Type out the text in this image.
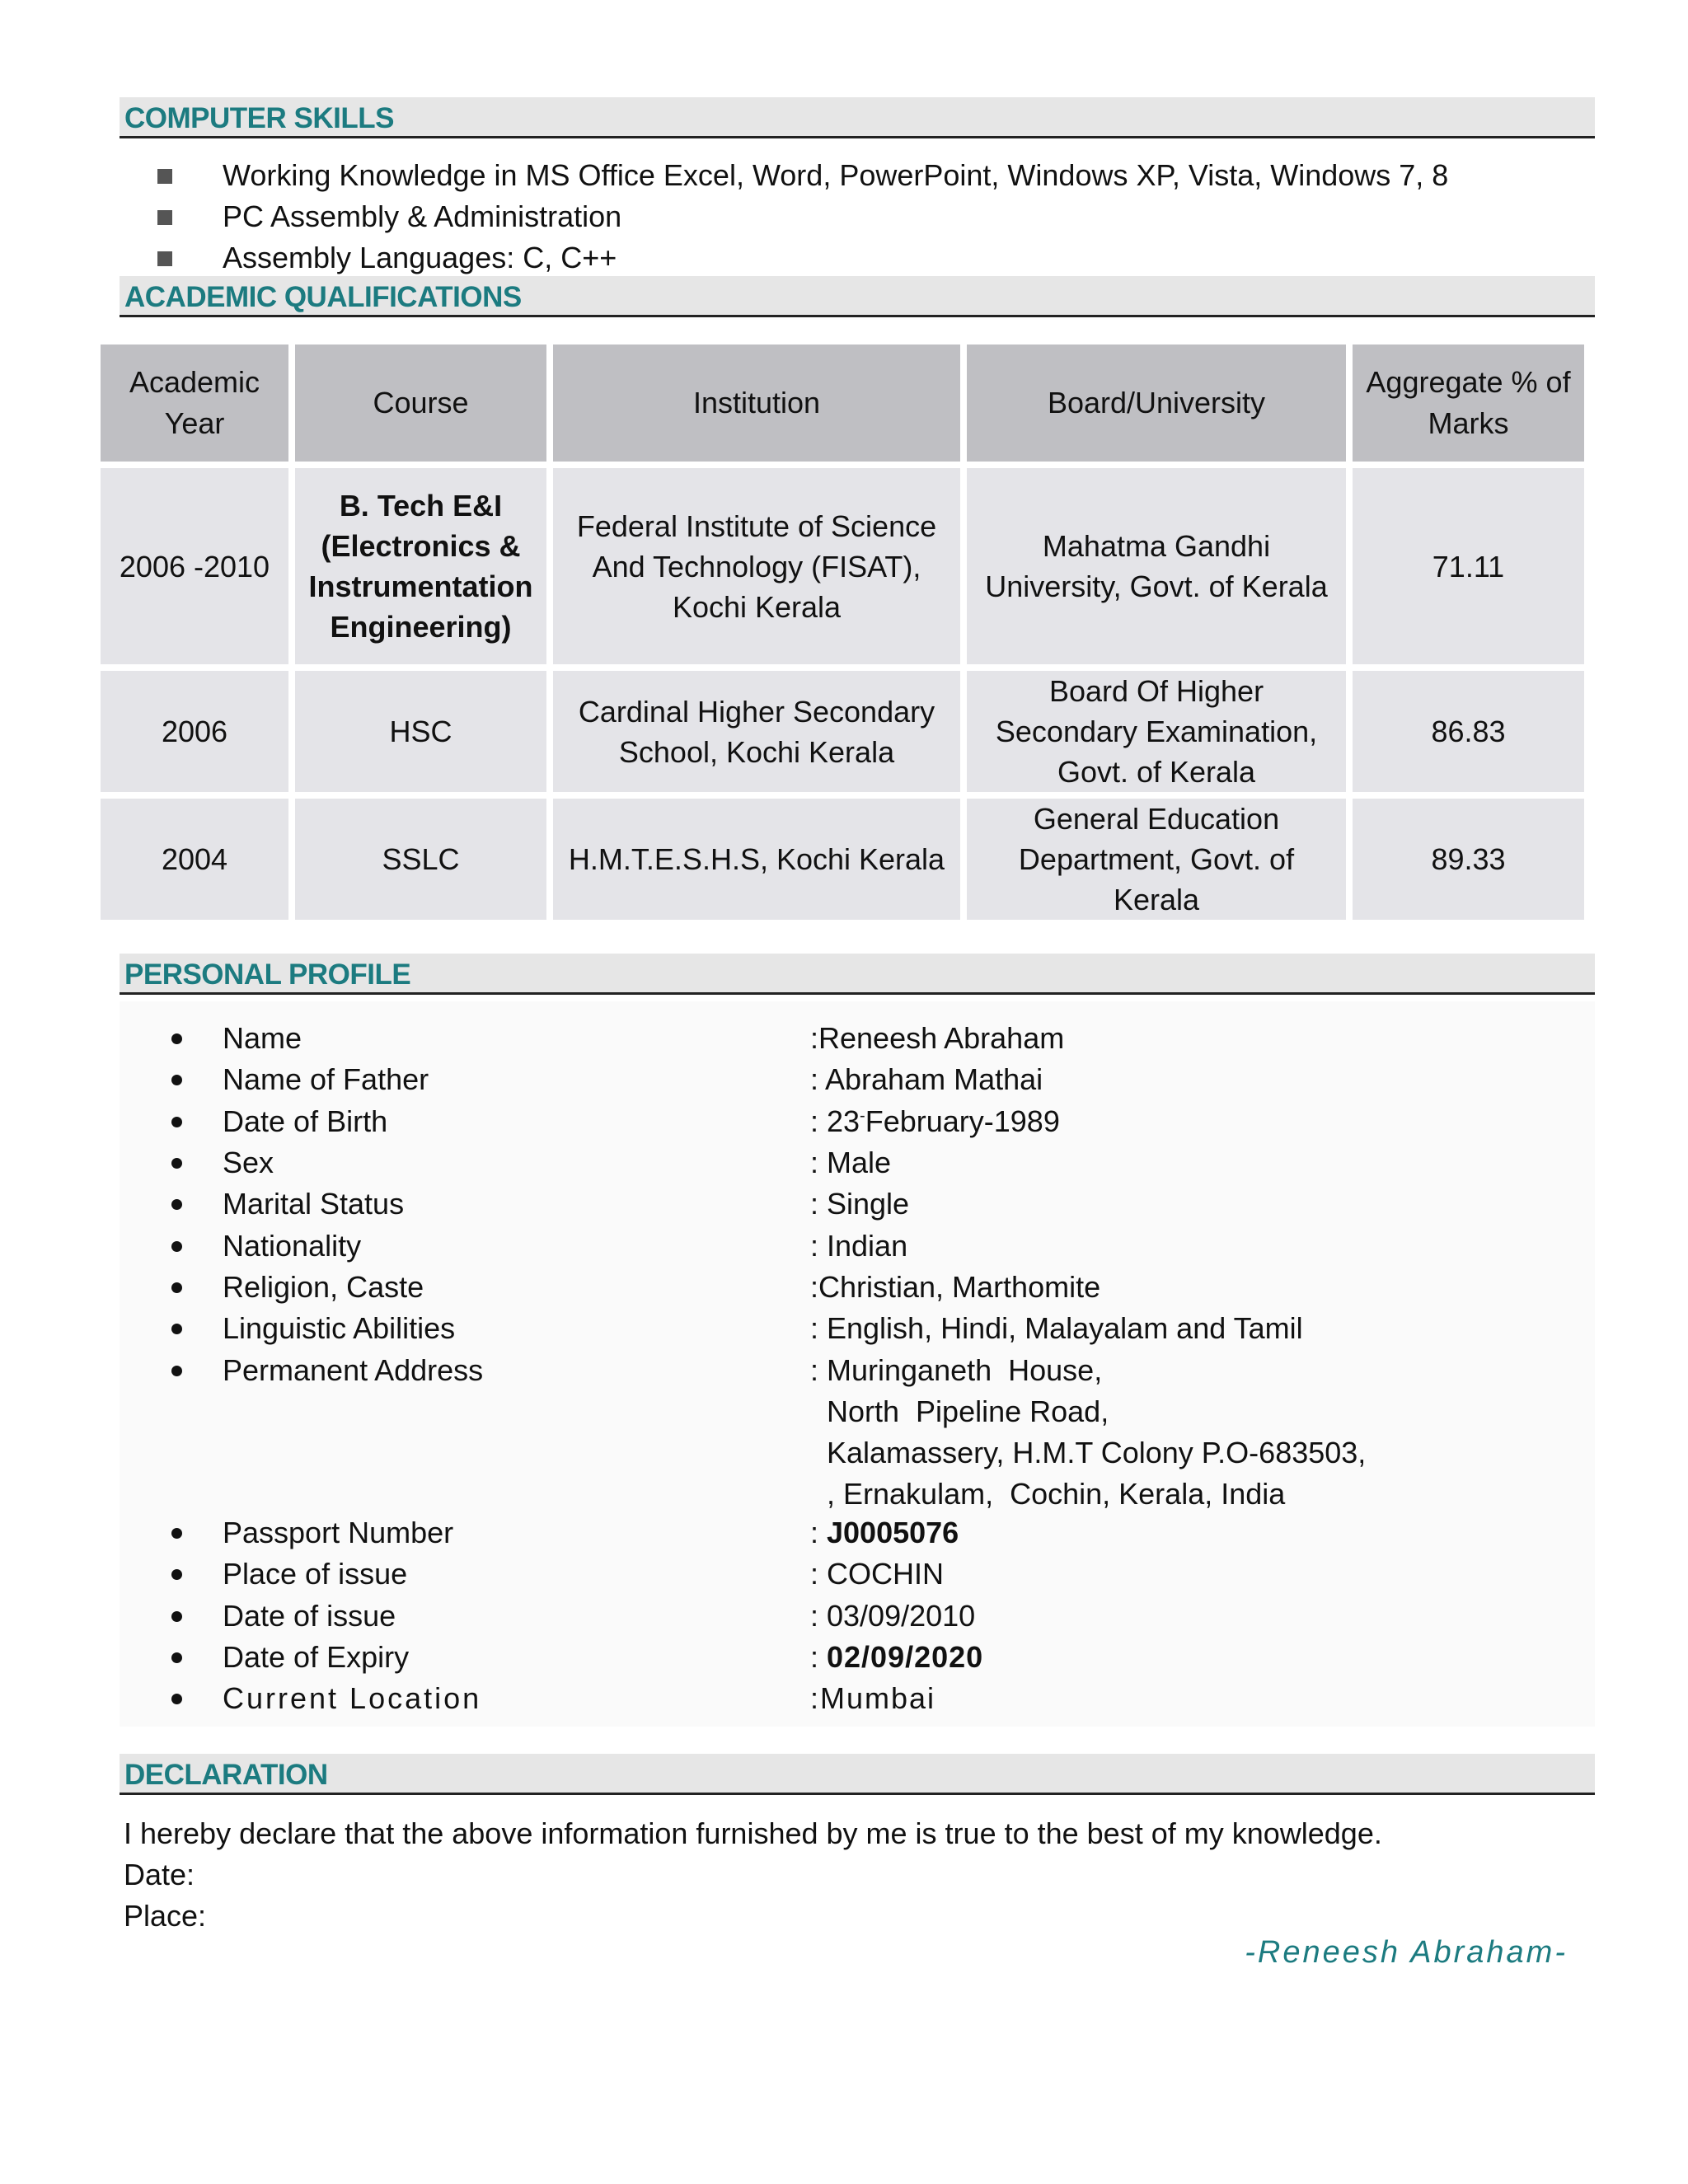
COMPUTER SKILLS
Working Knowledge in MS Office Excel, Word, PowerPoint, Windows XP, Vista, Windows 7, 8
PC Assembly & Administration
Assembly Languages: C, C++
ACADEMIC QUALIFICATIONS
Academic
Year	Course	Institution	Board/University	Aggregate % of
Marks
2006 -2010	B. Tech E&I
(Electronics &
Instrumentation
Engineering)	Federal Institute of Science
And Technology (FISAT),
Kochi Kerala	Mahatma Gandhi
University, Govt. of Kerala	71.11
2006	HSC	Cardinal Higher Secondary
School, Kochi Kerala	Board Of Higher
Secondary Examination,
Govt. of Kerala	86.83
2004	SSLC	H.M.T.E.S.H.S, Kochi Kerala	General Education
Department, Govt. of
Kerala	89.33
PERSONAL PROFILE
Name	:Reneesh Abraham
Name of Father	: Abraham Mathai
Date of Birth	: 23-February-1989
Sex	: Male
Marital Status	: Single
Nationality	: Indian
Religion, Caste	:Christian, Marthomite
Linguistic Abilities	: English, Hindi, Malayalam and Tamil
Permanent Address	: Muringaneth  House,
North  Pipeline Road,
Kalamassery, H.M.T Colony P.O-683503,
, Ernakulam,  Cochin, Kerala, India
Passport Number	: J0005076
Place of issue	: COCHIN
Date of issue	: 03/09/2010
Date of Expiry	: 02/09/2020
Current Location	:Mumbai
DECLARATION
I hereby declare that the above information furnished by me is true to the best of my knowledge.
Date:
Place:
-Reneesh Abraham-
